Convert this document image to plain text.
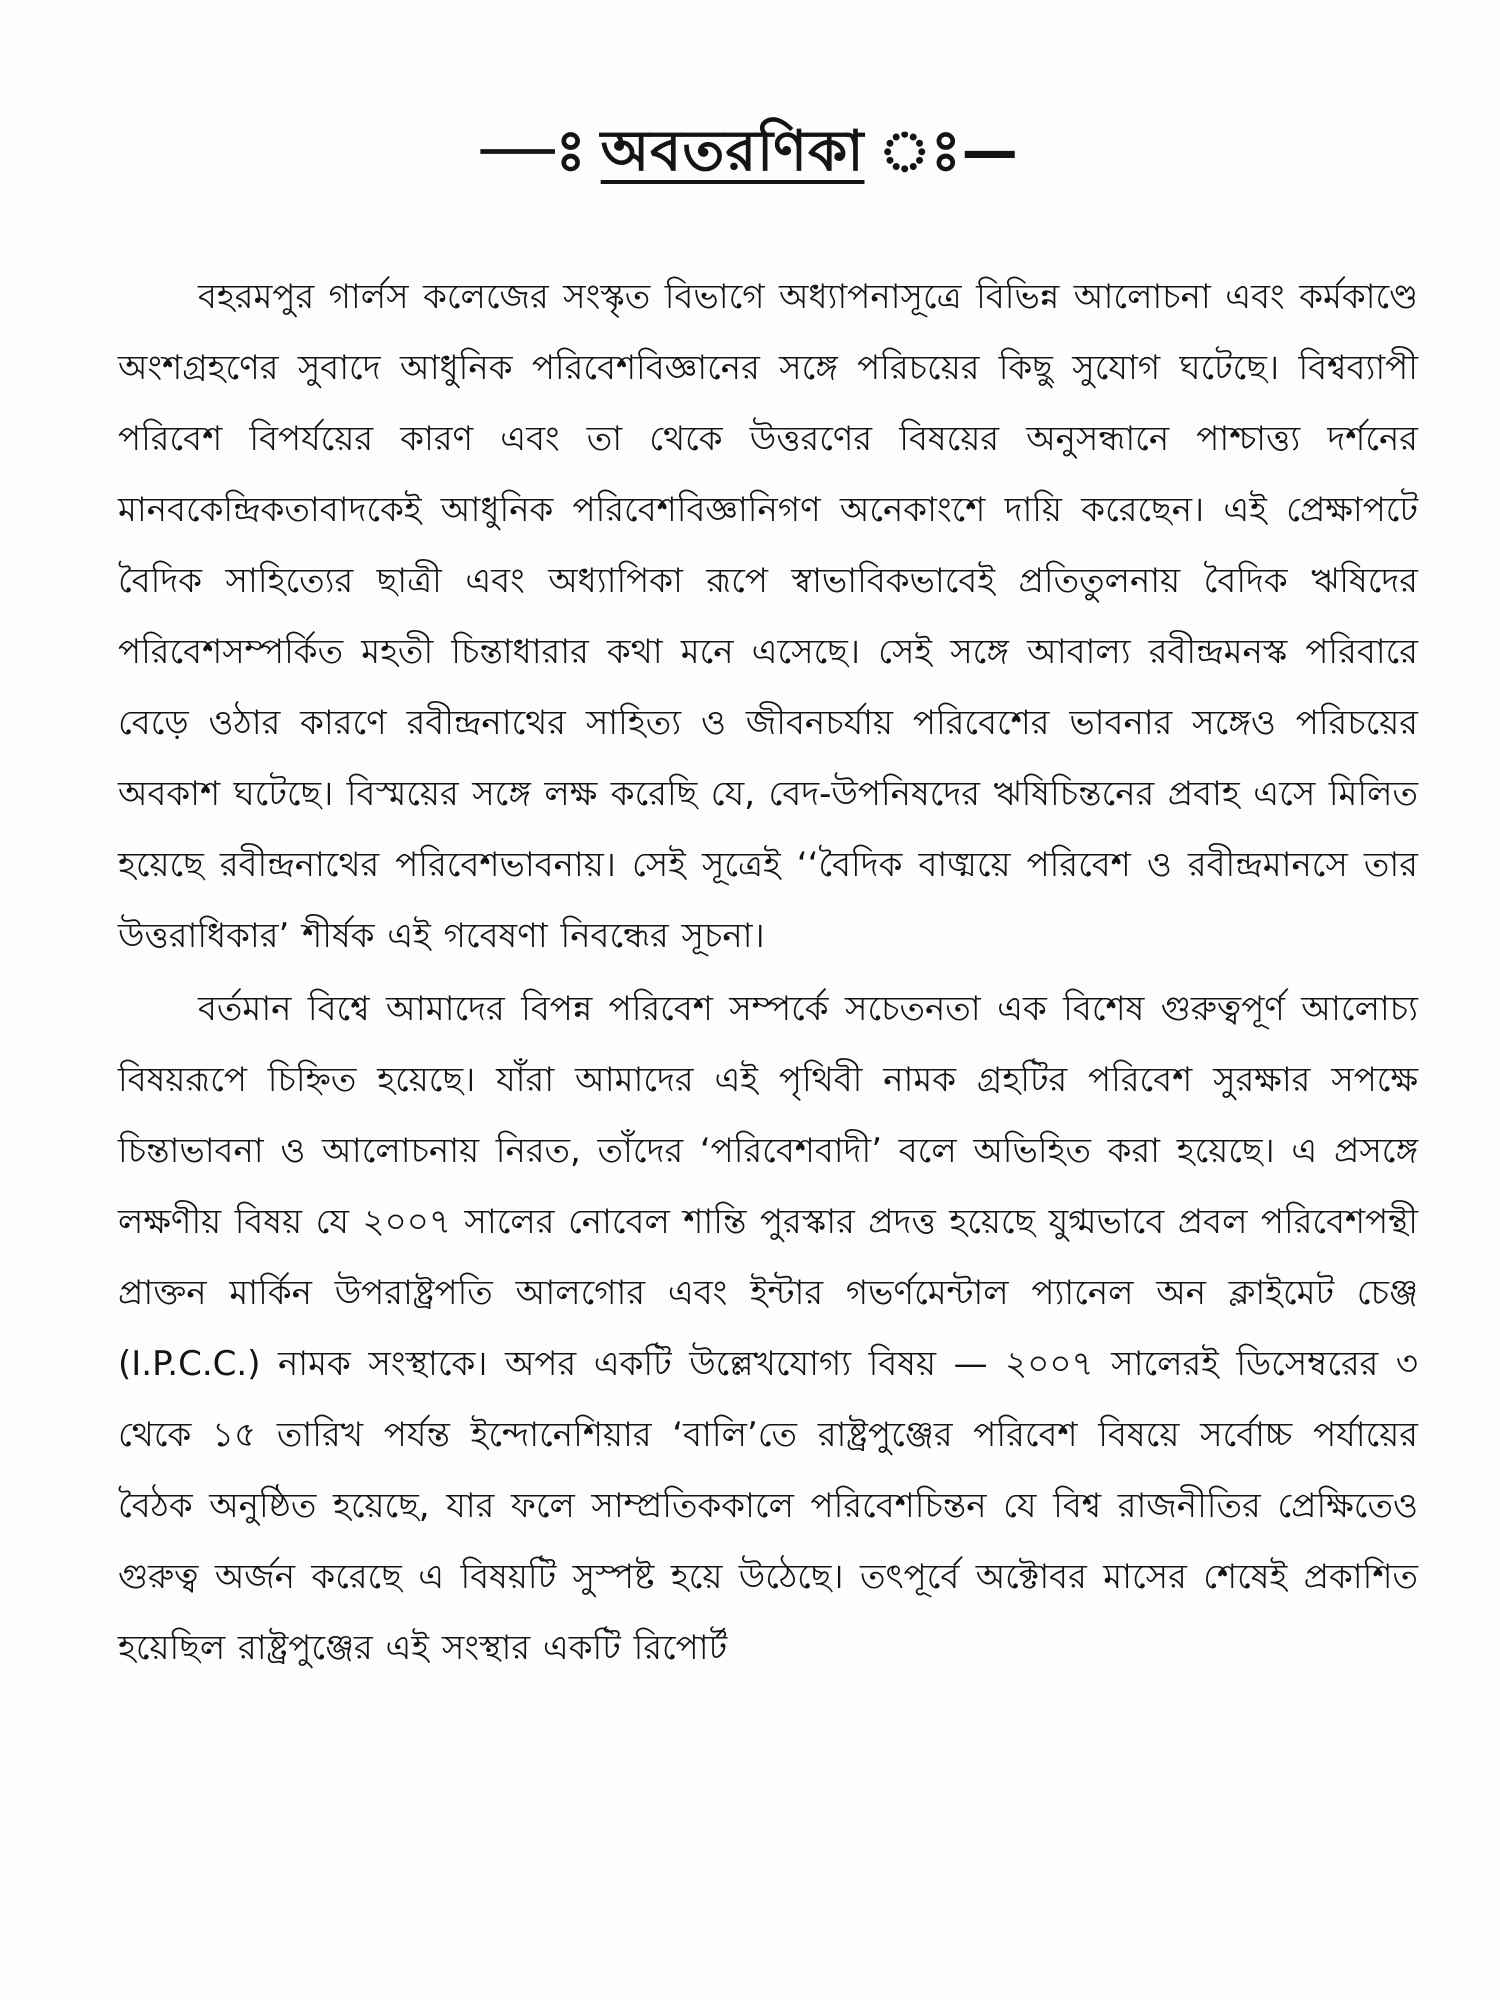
—ঃ অবতরণিকা ঃ—

বহরমপুর গার্লস কলেজের সংস্কৃত বিভাগে অধ্যাপনাসূত্রে বিভিন্ন আলোচনা এবং কর্মকাণ্ডে অংশগ্রহণের সুবাদে আধুনিক পরিবেশবিজ্ঞানের সঙ্গে পরিচয়ের কিছু সুযোগ ঘটেছে। বিশ্বব্যাপী পরিবেশ বিপর্যয়ের কারণ এবং তা থেকে উত্তরণের বিষয়ের অনুসন্ধানে পাশ্চাত্ত্য দর্শনের মানবকেন্দ্রিকতাবাদকেই আধুনিক পরিবেশবিজ্ঞানিগণ অনেকাংশে দায়ি করেছেন। এই প্রেক্ষাপটে বৈদিক সাহিত্যের ছাত্রী এবং অধ্যাপিকা রূপে স্বাভাবিকভাবেই প্রতিতুলনায় বৈদিক ঋষিদের পরিবেশসম্পর্কিত মহতী চিন্তাধারার কথা মনে এসেছে। সেই সঙ্গে আবাল্য রবীন্দ্রমনস্ক পরিবারে বেড়ে ওঠার কারণে রবীন্দ্রনাথের সাহিত্য ও জীবনচর্যায় পরিবেশের ভাবনার সঙ্গেও পরিচয়ের অবকাশ ঘটেছে। বিস্ময়ের সঙ্গে লক্ষ করেছি যে, বেদ-উপনিষদের ঋষিচিন্তনের প্রবাহ এসে মিলিত হয়েছে রবীন্দ্রনাথের পরিবেশভাবনায়। সেই সূত্রেই ‘‘বৈদিক বাঙ্ময়ে পরিবেশ ও রবীন্দ্রমানসে তার উত্তরাধিকার’ শীর্ষক এই গবেষণা নিবন্ধের সূচনা।

বর্তমান বিশ্বে আমাদের বিপন্ন পরিবেশ সম্পর্কে সচেতনতা এক বিশেষ গুরুত্বপূর্ণ আলোচ্য বিষয়রূপে চিহ্নিত হয়েছে। যাঁরা আমাদের এই পৃথিবী নামক গ্রহটির পরিবেশ সুরক্ষার সপক্ষে চিন্তাভাবনা ও আলোচনায় নিরত, তাঁদের ‘পরিবেশবাদী’ বলে অভিহিত করা হয়েছে। এ প্রসঙ্গে লক্ষণীয় বিষয় যে ২০০৭ সালের নোবেল শান্তি পুরস্কার প্রদত্ত হয়েছে যুগ্মভাবে প্রবল পরিবেশপন্থী প্রাক্তন মার্কিন উপরাষ্ট্রপতি আলগোর এবং ইন্টার গভর্ণমেন্টাল প্যানেল অন ক্লাইমেট চেঞ্জ (I.P.C.C.) নামক সংস্থাকে। অপর একটি উল্লেখযোগ্য বিষয় — ২০০৭ সালেরই ডিসেম্বরের ৩ থেকে ১৫ তারিখ পর্যন্ত ইন্দোনেশিয়ার ‘বালি’তে রাষ্ট্রপুঞ্জের পরিবেশ বিষয়ে সর্বোচ্চ পর্যায়ের বৈঠক অনুষ্ঠিত হয়েছে, যার ফলে সাম্প্রতিককালে পরিবেশচিন্তন যে বিশ্ব রাজনীতির প্রেক্ষিতেও গুরুত্ব অর্জন করেছে এ বিষয়টি সুস্পষ্ট হয়ে উঠেছে। তৎপূর্বে অক্টোবর মাসের শেষেই প্রকাশিত হয়েছিল রাষ্ট্রপুঞ্জের এই সংস্থার একটি রিপোর্ট
